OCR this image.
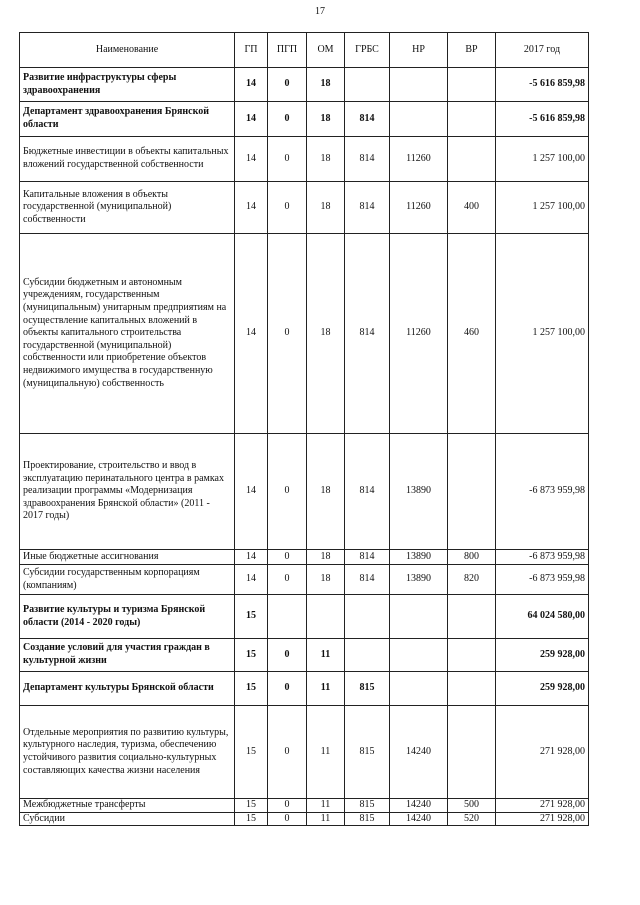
17
Наименование	ГП	ПГП	ОМ	ГРБС	НР	ВР	2017 год
Развитие инфраструктуры сферы здравоохранения	14	0	18				-5 616 859,98
Департамент здравоохранения Брянской области	14	0	18	814			-5 616 859,98
Бюджетные инвестиции в объекты капитальных вложений государственной собственности	14	0	18	814	11260		1 257 100,00
Капитальные вложения в объекты государственной (муниципальной) собственности	14	0	18	814	11260	400	1 257 100,00
Субсидии бюджетным и автономным учреждениям, государственным (муниципальным) унитарным предприятиям на осуществление капитальных вложений в объекты капитального строительства государственной (муниципальной) собственности или приобретение объектов недвижимого имущества в государственную (муниципальную) собственность	14	0	18	814	11260	460	1 257 100,00
Проектирование, строительство и ввод в эксплуатацию перинатального центра в рамках реализации программы «Модернизация здравоохранения Брянской области» (2011 - 2017 годы)	14	0	18	814	13890		-6 873 959,98
Иные бюджетные ассигнования	14	0	18	814	13890	800	-6 873 959,98
Субсидии государственным корпорациям (компаниям)	14	0	18	814	13890	820	-6 873 959,98
Развитие культуры и туризма Брянской области (2014 - 2020 годы)	15						64 024 580,00
Создание условий для участия граждан в культурной жизни	15	0	11				259 928,00
Департамент культуры Брянской области	15	0	11	815			259 928,00
Отдельные мероприятия по развитию культуры, культурного наследия, туризма, обеспечению устойчивого развития социально-культурных составляющих качества жизни населения	15	0	11	815	14240		271 928,00
Межбюджетные трансферты	15	0	11	815	14240	500	271 928,00
Субсидии	15	0	11	815	14240	520	271 928,00
